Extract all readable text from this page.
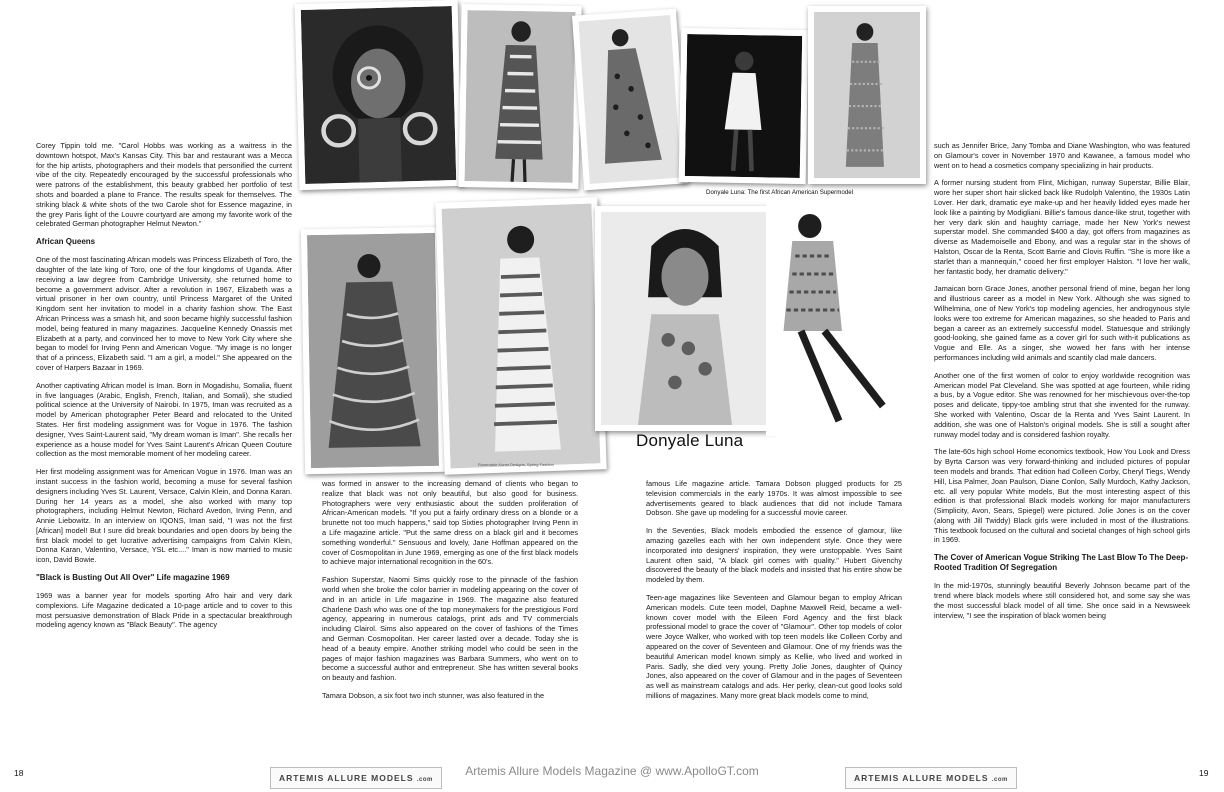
Corey Tippin told me. "Carol Hobbs was working as a waitress in the downtown hotspot, Max's Kansas City. This bar and restaurant was a Mecca for the hip artists, photographers and their models that personified the current vibe of the city. Repeatedly encouraged by the successful professionals who were patrons of the establishment, this beauty grabbed her portfolio of test shots and boarded a plane to France. The results speak for themselves. The striking black & white shots of the two Carole shot for Essence magazine, in the grey Paris light of the Louvre courtyard are among my favorite work of the celebrated German photographer Helmut Newton."

African Queens

One of the most fascinating African models was Princess Elizabeth of Toro, the daughter of the late king of Toro, one of the four kingdoms of Uganda. After receiving a law degree from Cambridge University, she returned home to become a government advisor. After a revolution in 1967, Elizabeth was a virtual prisoner in her own country, until Princess Margaret of the United Kingdom sent her invitation to model in a charity fashion show. The East African Princess was a smash hit, and soon became highly successful fashion model, being featured in many magazines. Jacqueline Kennedy Onassis met Elizabeth at a party, and convinced her to move to New York City where she began to model for Irving Penn and American Vogue. "My image is no longer that of a princess, Elizabeth said. "I am a girl, a model." She appeared on the cover of Harpers Bazaar in 1969.

Another captivating African model is Iman. Born in Mogadishu, Somalia, fluent in five languages (Arabic, English, French, Italian, and Somali), she studied political science at the University of Nairobi. In 1975, Iman was recruited as a model by American photographer Peter Beard and relocated to the United States. Her first modeling assignment was for Vogue in 1976. The fashion designer, Yves Saint-Laurent said, "My dream woman is Iman". She recalls her experience as a house model for Yves Saint Laurent's African Queen Couture collection as the most memorable moment of her modeling career.

Her first modeling assignment was for American Vogue in 1976. Iman was an instant success in the fashion world, becoming a muse for several fashion designers including Yves St. Laurent, Versace, Calvin Klein, and Donna Karan. During her 14 years as a model, she also worked with many top photographers, including Helmut Newton, Richard Avedon, Irving Penn, and Annie Liebowitz. In an interview on IQONS, Iman said, "I was not the first [African] model! But I sure did break boundaries and open doors by being the first black model to get lucrative advertising campaigns from Calvin Klein, Donna Karan, Valentino, Versace, YSL etc...." Iman is now married to music icon, David Bowie.

"Black is Busting Out All Over" Life magazine 1969

1969 was a banner year for models sporting Afro hair and very dark complexions. Life Magazine dedicated a 10-page article and to cover to this most persuasive demonstration of Black Pride in a spectacular breakthrough modeling agency known as "Black Beauty". The agency

Donyale Luna: The first African American Supermodel
Rosemarie Kuner Designs, Spring Fashion
Donyale Luna

was formed in answer to the increasing demand of clients who began to realize that black was not only beautiful, but also good for business. Photographers were very enthusiastic about the sudden proliferation of African-American models. "If you put a fairly ordinary dress on a blonde or a brunette not too much happens," said top Sixties photographer Irving Penn in a Life magazine article. "Put the same dress on a black girl and it becomes something wonderful." Sensuous and lovely, Jane Hoffman appeared on the cover of Cosmopolitan in June 1969, emerging as one of the first black models to achieve major international recognition in the 60's.

Fashion Superstar, Naomi Sims quickly rose to the pinnacle of the fashion world when she broke the color barrier in modeling appearing on the cover of and in an article in Life magazine in 1969. The magazine also featured Charlene Dash who was one of the top moneymakers for the prestigious Ford agency, appearing in numerous catalogs, print ads and TV commercials including Clairol. Sims also appeared on the cover of fashions of the Times and German Cosmopolitan. Her career lasted over a decade. Today she is head of a beauty empire. Another striking model who could be seen in the pages of major fashion magazines was Barbara Summers, who went on to become a successful author and entrepreneur. She has written several books on beauty and fashion.

Tamara Dobson, a six foot two inch stunner, was also featured in the

famous Life magazine article. Tamara Dobson plugged products for 25 television commercials in the early 1970s. It was almost impossible to see advertisements geared to black audiences that did not include Tamara Dobson. She gave up modeling for a successful movie career.

In the Seventies, Black models embodied the essence of glamour, like amazing gazelles each with her own independent style. Once they were incorporated into designers' inspiration, they were unstoppable. Yves Saint Laurent often said, "A black girl comes with quality." Hubert Givenchy discovered the beauty of the black models and insisted that his entire show be modeled by them.

Teen-age magazines like Seventeen and Glamour began to employ African American models. Cute teen model, Daphne Maxwell Reid, became a well-known cover model with the Eileen Ford Agency and the first black professional model to grace the cover of "Glamour". Other top models of color were Joyce Walker, who worked with top teen models like Colleen Corby and appeared on the cover of Seventeen and Glamour. One of my friends was the beautiful American model known simply as Kellie, who lived and worked in Paris. Sadly, she died very young. Pretty Jolie Jones, daughter of Quincy Jones, also appeared on the cover of Glamour and in the pages of Seventeen as well as mainstream catalogs and ads. Her perky, clean-cut good looks sold millions of magazines. Many more great black models come to mind,

such as Jennifer Brice, Jany Tomba and Diane Washington, who was featured on Glamour's cover in November 1970 and Kawanee, a famous model who went on to head a cosmetics company specializing in hair products.

A former nursing student from Flint, Michigan, runway Superstar, Billie Blair, wore her super short hair slicked back like Rudolph Valentino, the 1930s Latin Lover. Her dark, dramatic eye make-up and her heavily lidded eyes made her look like a painting by Modigliani. Billie's famous dance-like strut, together with her very dark skin and haughty carriage, made her New York's newest superstar model. She commanded $400 a day, got offers from magazines as diverse as Mademoiselle and Ebony, and was a regular star in the shows of Halston, Oscar de la Renta, Scott Barrie and Clovis Ruffin. "She is more like a starlet than a mannequin," cooed her first employer Halston. "I love her walk, her fantastic body, her dramatic delivery."

Jamaican born Grace Jones, another personal friend of mine, began her long and illustrious career as a model in New York. Although she was signed to Wilhelmina, one of New York's top modeling agencies, her androgynous style looks were too extreme for American magazines, so she headed to Paris and began a career as an extremely successful model. Statuesque and strikingly good-looking, she gained fame as a cover girl for such with-it publications as Vogue and Elle. As a singer, she wowed her fans with her intense performances including wild animals and scantily clad male dancers.

Another one of the first women of color to enjoy worldwide recognition was American model Pat Cleveland. She was spotted at age fourteen, while riding a bus, by a Vogue editor. She was renowned for her mischievous over-the-top poses and delicate, tippy-toe ambling strut that she invented for the runway. She worked with Valentino, Oscar de la Renta and Yves Saint Laurent. In addition, she was one of Halston's original models. She is still a sought after runway model today and is considered fashion royalty.

The late-60s high school Home economics textbook, How You Look and Dress by Byrta Carson was very forward-thinking and included pictures of popular teen models and brands. That edition had Colleen Corby, Cheryl Tiegs, Wendy Hill, Lisa Palmer, Joan Paulson, Diane Conlon, Sally Murdoch, Kathy Jackson, etc. all very popular White models, But the most interesting aspect of this edition is that professional Black models working for major manufacturers (Simplicity, Avon, Sears, Spiegel) were pictured. Jolie Jones is on the cover (along with Jill Twiddy) Black girls were included in most of the illustrations. This textbook focused on the cultural and societal changes of high school girls in 1969.

The Cover of American Vogue Striking The Last Blow To The Deep-Rooted Tradition Of Segregation

In the mid-1970s, stunningly beautiful Beverly Johnson became part of the trend where black models where still considered hot, and some say she was the most successful black model of all time. She once said in a Newsweek interview, "I see the inspiration of black women being

18	ARTEMIS ALLURE MODELS .com
Artemis Allure Models Magazine @ www.ApolloGT.com	ARTEMIS ALLURE MODELS .com
19
